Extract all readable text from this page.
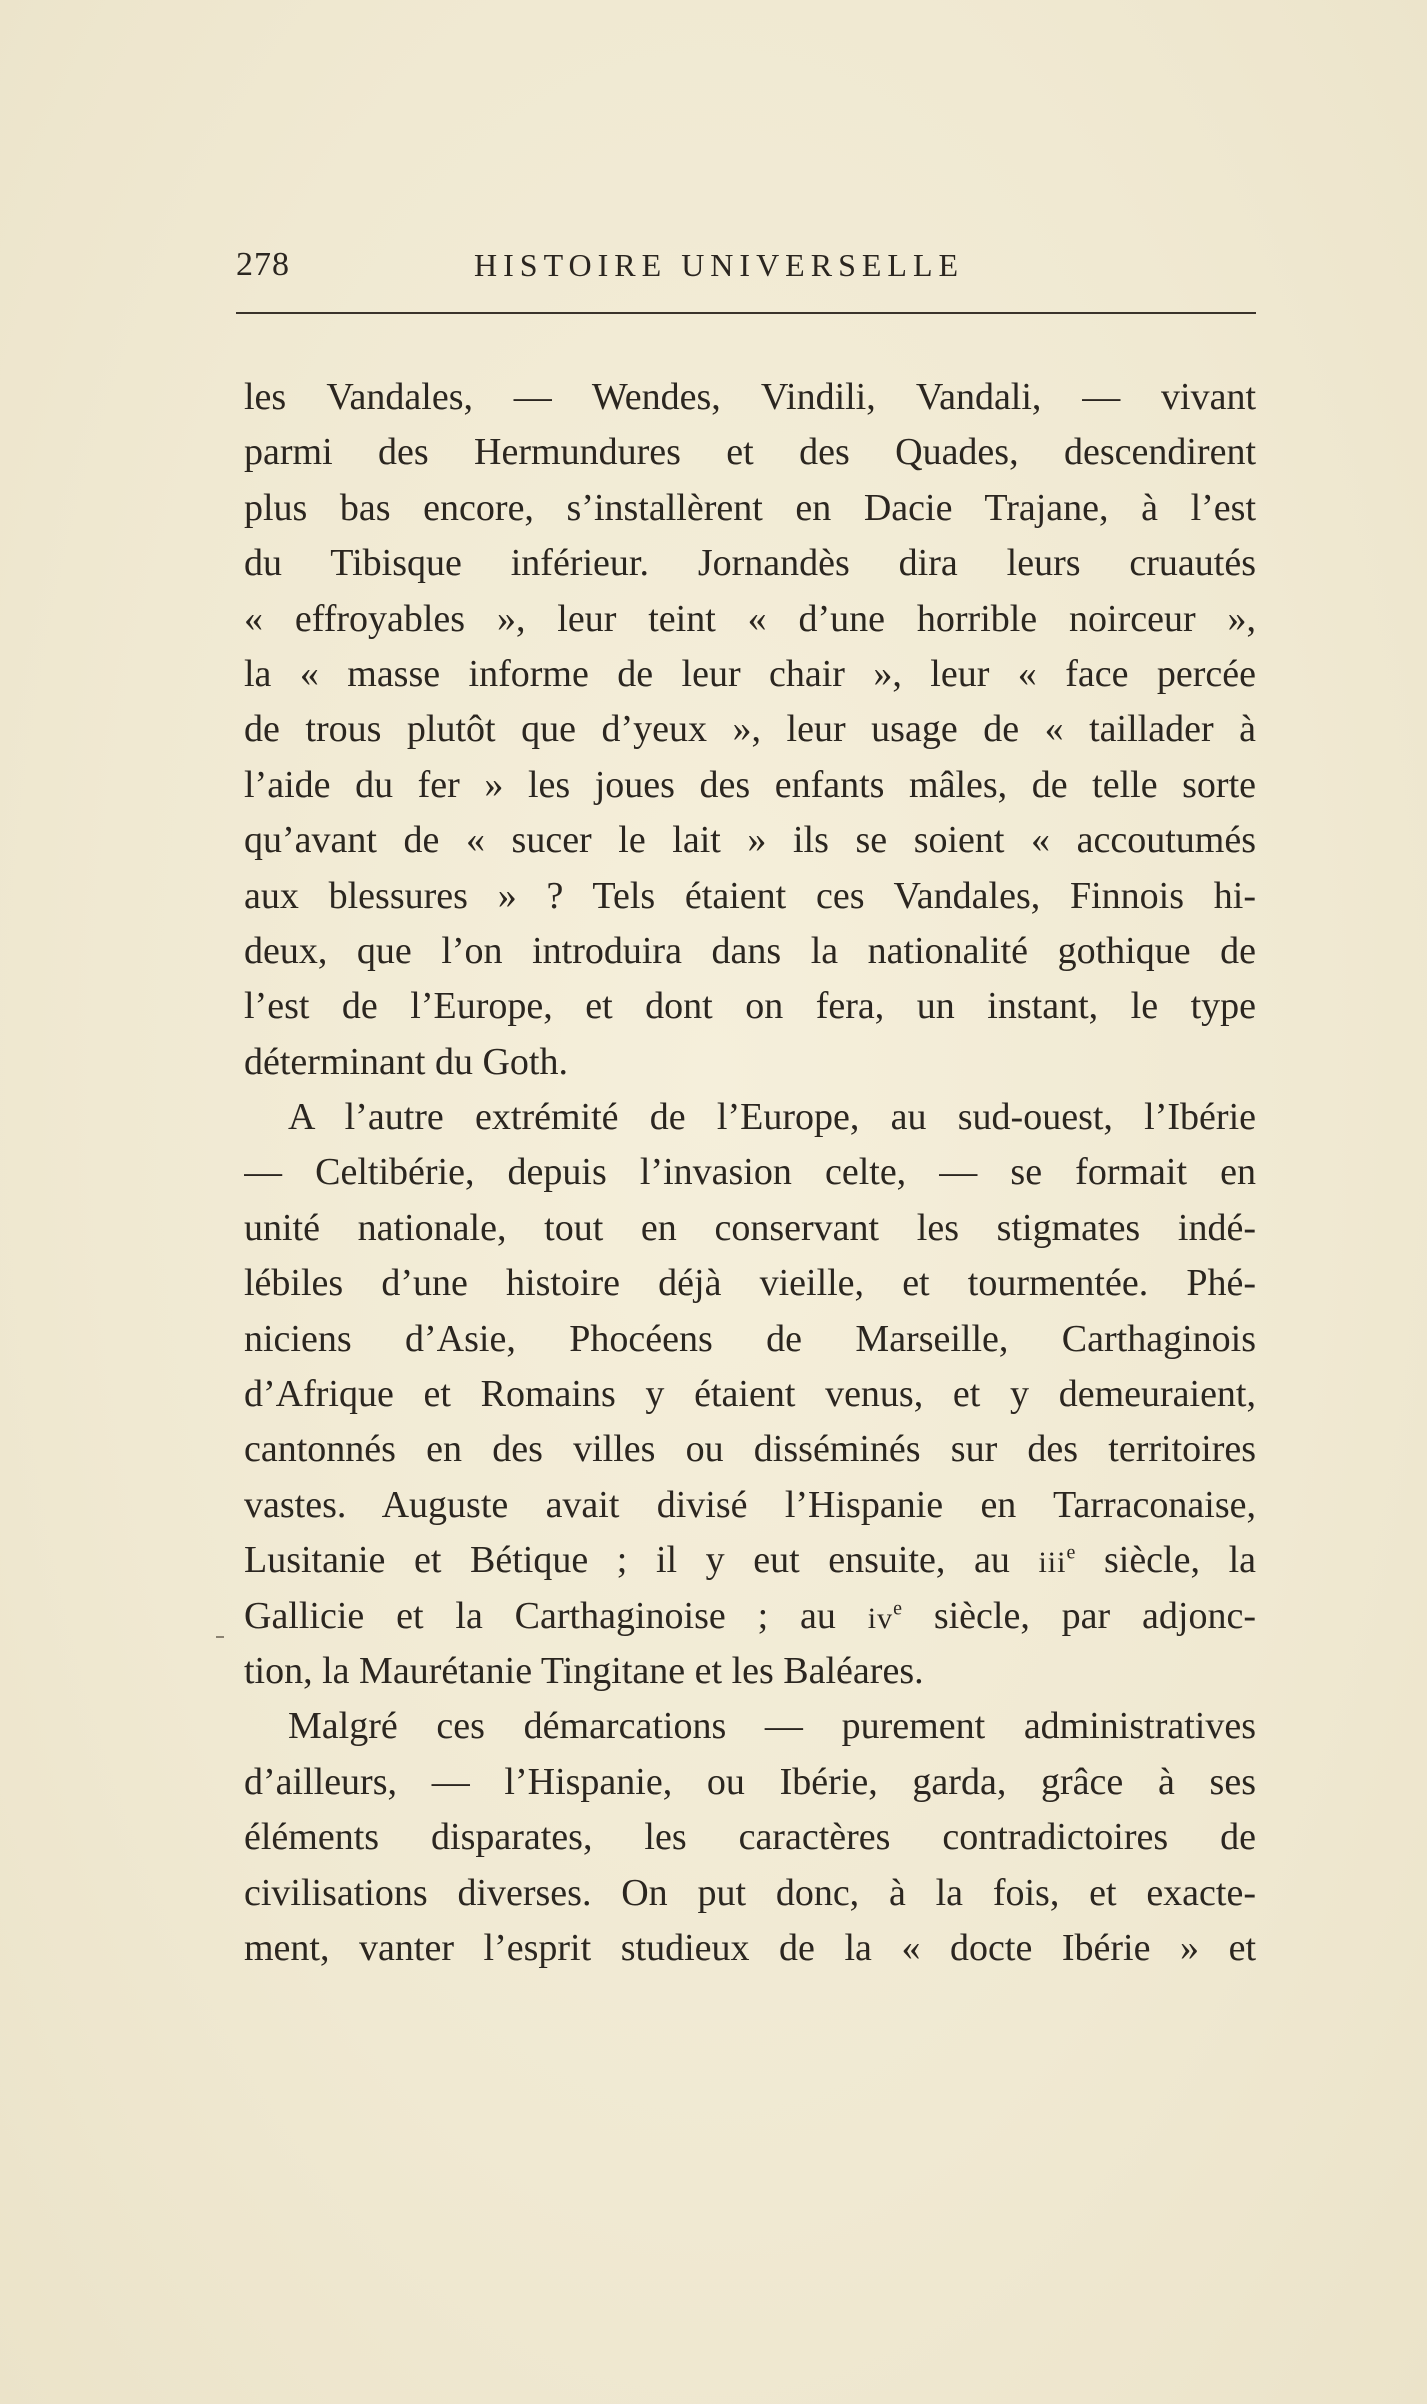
278	HISTOIRE UNIVERSELLE
les Vandales, — Wendes, Vindili, Vandali, — vivant
parmi des Hermundures et des Quades, descendirent
plus bas encore, s’installèrent en Dacie Trajane, à l’est
du Tibisque inférieur. Jornandès dira leurs cruautés
« effroyables », leur teint « d’une horrible noirceur »,
la « masse informe de leur chair », leur « face percée
de trous plutôt que d’yeux », leur usage de « taillader à
l’aide du fer » les joues des enfants mâles, de telle sorte
qu’avant de « sucer le lait » ils se soient « accoutumés
aux blessures » ? Tels étaient ces Vandales, Finnois hi-
deux, que l’on introduira dans la nationalité gothique de
l’est de l’Europe, et dont on fera, un instant, le type
déterminant du Goth.
A l’autre extrémité de l’Europe, au sud-ouest, l’Ibérie
— Celtibérie, depuis l’invasion celte, — se formait en
unité nationale, tout en conservant les stigmates indé-
lébiles d’une histoire déjà vieille, et tourmentée. Phé-
niciens d’Asie, Phocéens de Marseille, Carthaginois
d’Afrique et Romains y étaient venus, et y demeuraient,
cantonnés en des villes ou disséminés sur des territoires
vastes. Auguste avait divisé l’Hispanie en Tarraconaise,
Lusitanie et Bétique ; il y eut ensuite, au iii$^e$ siècle, la
Gallicie et la Carthaginoise ; au $iv^e$ siècle, par adjonc-
tion, la Maurétanie Tingitane et les Baléares.
Malgré ces démarcations — purement administratives
d’ailleurs, — l’Hispanie, ou Ibérie, garda, grâce à ses
éléments disparates, les caractères contradictoires de
civilisations diverses. On put donc, à la fois, et exacte-
ment, vanter l’esprit studieux de la « docte Ibérie » et
